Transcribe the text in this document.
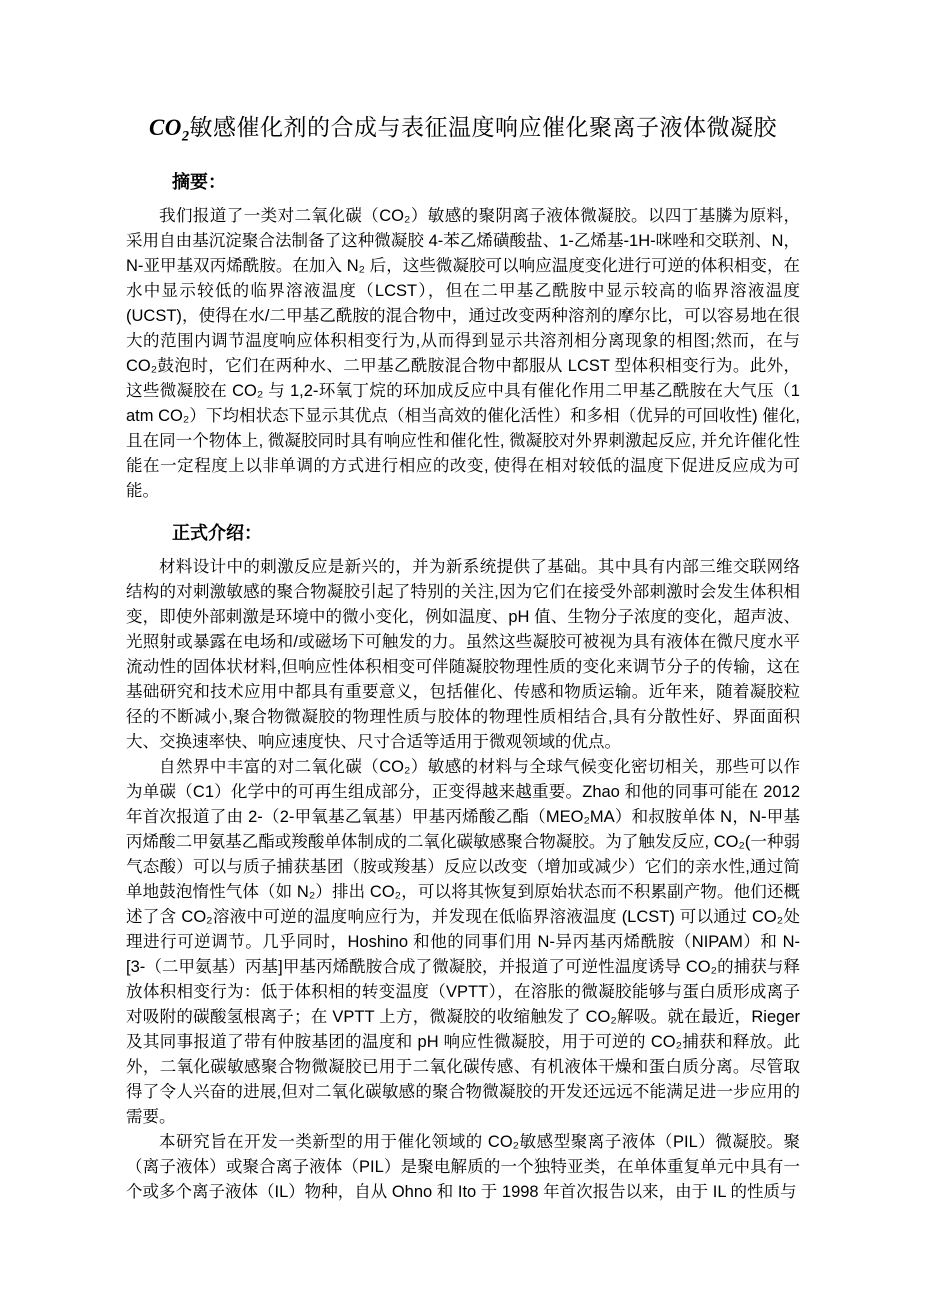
$CO_2$敏感催化剂的合成与表征温度响应催化聚离子液体微凝胶
摘要：

我们报道了一类对二氧化碳（CO₂）敏感的聚阴离子液体微凝胶。以四丁基膦为原料，采用自由基沉淀聚合法制备了这种微凝胶 4-苯乙烯磺酸盐、1-乙烯基-1H-咪唑和交联剂、N，N-亚甲基双丙烯酰胺。在加入 N₂ 后，这些微凝胶可以响应温度变化进行可逆的体积相变，在水中显示较低的临界溶液温度（LCST），但在二甲基乙酰胺中显示较高的临界溶液温度 (UCST)，使得在水/二甲基乙酰胺的混合物中，通过改变两种溶剂的摩尔比，可以容易地在很大的范围内调节温度响应体积相变行为,从而得到显示共溶剂相分离现象的相图;然而，在与 CO₂鼓泡时，它们在两种水、二甲基乙酰胺混合物中都服从 LCST 型体积相变行为。此外，这些微凝胶在 CO₂ 与 1,2-环氧丁烷的环加成反应中具有催化作用二甲基乙酰胺在大气压（1 atm CO₂）下均相状态下显示其优点（相当高效的催化活性）和多相（优异的可回收性) 催化, 且在同一个物体上, 微凝胶同时具有响应性和催化性, 微凝胶对外界刺激起反应, 并允许催化性能在一定程度上以非单调的方式进行相应的改变, 使得在相对较低的温度下促进反应成为可能。

正式介绍：

材料设计中的刺激反应是新兴的，并为新系统提供了基础。其中具有内部三维交联网络结构的对刺激敏感的聚合物凝胶引起了特别的关注,因为它们在接受外部刺激时会发生体积相变，即使外部刺激是环境中的微小变化，例如温度、pH 值、生物分子浓度的变化，超声波、光照射或暴露在电场和/或磁场下可触发的力。虽然这些凝胶可被视为具有液体在微尺度水平流动性的固体状材料,但响应性体积相变可伴随凝胶物理性质的变化来调节分子的传输，这在基础研究和技术应用中都具有重要意义，包括催化、传感和物质运输。近年来，随着凝胶粒径的不断减小,聚合物微凝胶的物理性质与胶体的物理性质相结合,具有分散性好、界面面积大、交换速率快、响应速度快、尺寸合适等适用于微观领域的优点。

自然界中丰富的对二氧化碳（CO₂）敏感的材料与全球气候变化密切相关，那些可以作为单碳（C1）化学中的可再生组成部分，正变得越来越重要。Zhao 和他的同事可能在 2012 年首次报道了由 2-（2-甲氧基乙氧基）甲基丙烯酸乙酯（MEO₂MA）和叔胺单体 N，N-甲基丙烯酸二甲氨基乙酯或羧酸单体制成的二氧化碳敏感聚合物凝胶。为了触发反应, CO₂(一种弱气态酸）可以与质子捕获基团（胺或羧基）反应以改变（增加或减少）它们的亲水性,通过简单地鼓泡惰性气体（如 N₂）排出 CO₂，可以将其恢复到原始状态而不积累副产物。他们还概述了含 CO₂溶液中可逆的温度响应行为，并发现在低临界溶液温度 (LCST) 可以通过 CO₂处理进行可逆调节。几乎同时，Hoshino 和他的同事们用 N-异丙基丙烯酰胺（NIPAM）和 N-[3-（二甲氨基）丙基]甲基丙烯酰胺合成了微凝胶，并报道了可逆性温度诱导 CO₂的捕获与释放体积相变行为：低于体积相的转变温度（VPTT），在溶胀的微凝胶能够与蛋白质形成离子对吸附的碳酸氢根离子；在 VPTT 上方，微凝胶的收缩触发了 CO₂解吸。就在最近，Rieger 及其同事报道了带有仲胺基团的温度和 pH 响应性微凝胶，用于可逆的 CO₂捕获和释放。此外，二氧化碳敏感聚合物微凝胶已用于二氧化碳传感、有机液体干燥和蛋白质分离。尽管取得了令人兴奋的进展,但对二氧化碳敏感的聚合物微凝胶的开发还远远不能满足进一步应用的需要。

本研究旨在开发一类新型的用于催化领域的 CO₂敏感型聚离子液体（PIL）微凝胶。聚（离子液体）或聚合离子液体（PIL）是聚电解质的一个独特亚类，在单体重复单元中具有一个或多个离子液体（IL）物种，自从 Ohno 和 Ito 于 1998 年首次报告以来，由于 IL 的性质与
